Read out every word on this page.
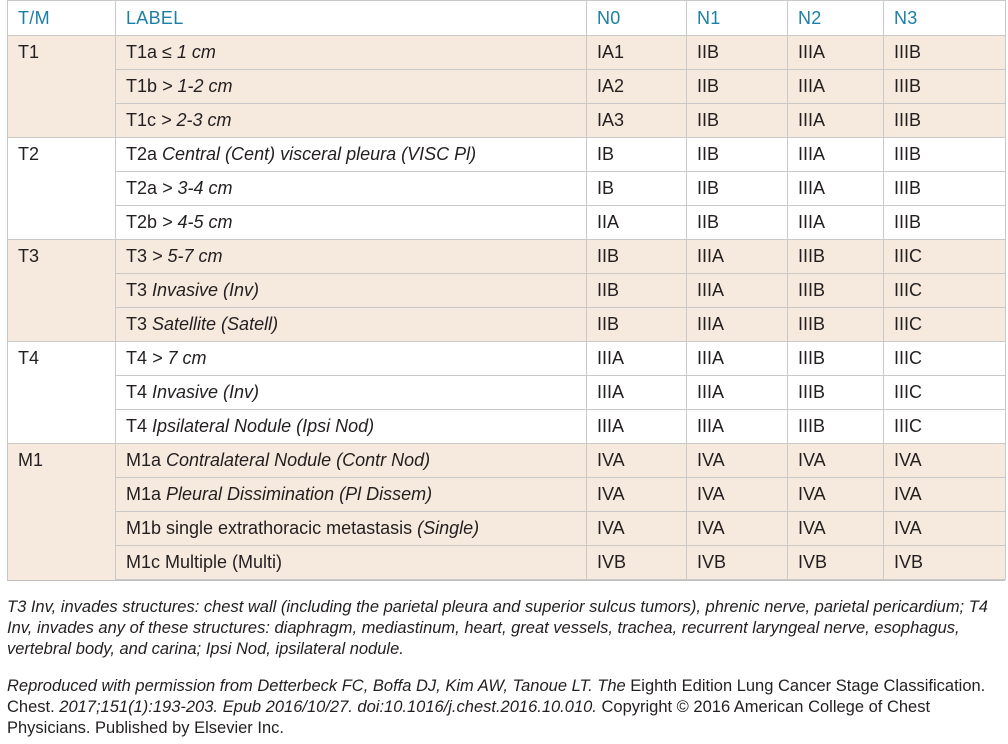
T/M	LABEL	N0	N1	N2	N3
T1	T1a ≤ 1 cm	IA1	IIB	IIIA	IIIB
	T1b > 1-2 cm	IA2	IIB	IIIA	IIIB
	T1c > 2-3 cm	IA3	IIB	IIIA	IIIB
T2	T2a Central (Cent) visceral pleura (VISC Pl)	IB	IIB	IIIA	IIIB
	T2a > 3-4 cm	IB	IIB	IIIA	IIIB
	T2b > 4-5 cm	IIA	IIB	IIIA	IIIB
T3	T3 > 5-7 cm	IIB	IIIA	IIIB	IIIC
	T3 Invasive (Inv)	IIB	IIIA	IIIB	IIIC
	T3 Satellite (Satell)	IIB	IIIA	IIIB	IIIC
T4	T4 > 7 cm	IIIA	IIIA	IIIB	IIIC
	T4 Invasive (Inv)	IIIA	IIIA	IIIB	IIIC
	T4 Ipsilateral Nodule (Ipsi Nod)	IIIA	IIIA	IIIB	IIIC
M1	M1a Contralateral Nodule (Contr Nod)	IVA	IVA	IVA	IVA
	M1a Pleural Dissimination (Pl Dissem)	IVA	IVA	IVA	IVA
	M1b single extrathoracic metastasis (Single)	IVA	IVA	IVA	IVA
	M1c Multiple (Multi)	IVB	IVB	IVB	IVB
T3 Inv, invades structures: chest wall (including the parietal pleura and superior sulcus tumors), phrenic nerve, parietal pericardium; T4 Inv, invades any of these structures: diaphragm, mediastinum, heart, great vessels, trachea, recurrent laryngeal nerve, esophagus, vertebral body, and carina; Ipsi Nod, ipsilateral nodule.
Reproduced with permission from Detterbeck FC, Boffa DJ, Kim AW, Tanoue LT. The Eighth Edition Lung Cancer Stage Classification. Chest. 2017;151(1):193-203. Epub 2016/10/27. doi:10.1016/j.chest.2016.10.010. Copyright © 2016 American College of Chest Physicians. Published by Elsevier Inc.
